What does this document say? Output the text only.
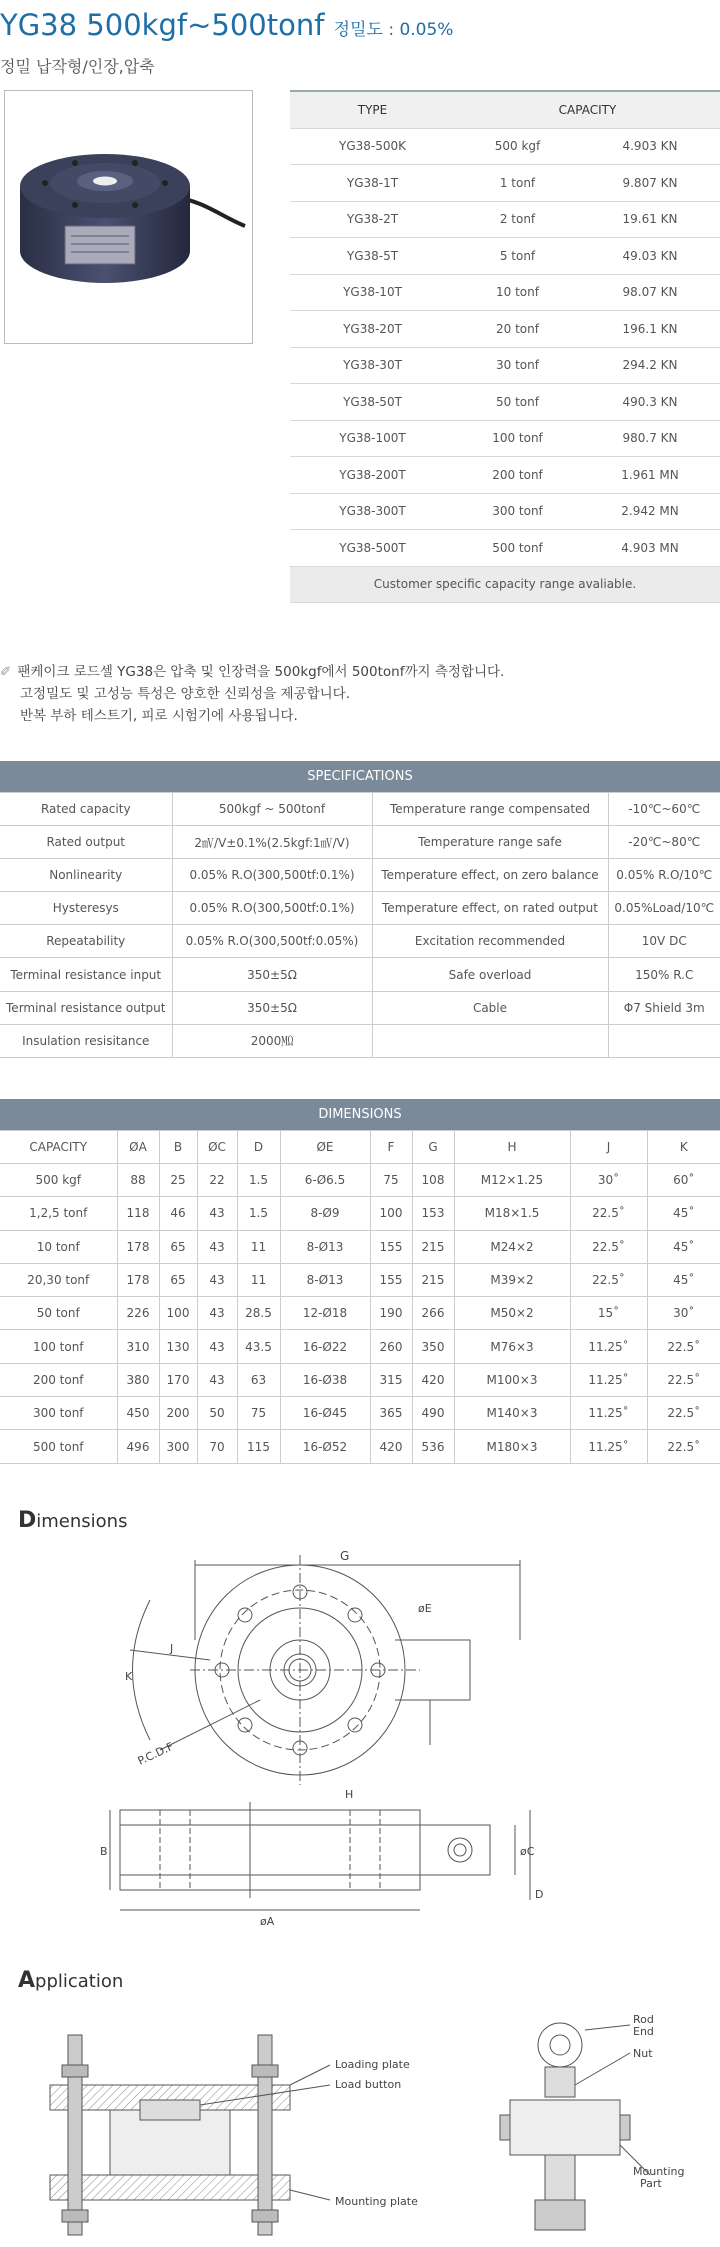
YG38 500kgf~500tonf 정밀도 : 0.05%
정밀 납작형/인장,압축
TYPE	CAPACITY	
YG38-500K	500 kgf	4.903 KN
YG38-1T	1 tonf	9.807 KN
YG38-2T	2 tonf	19.61 KN
YG38-5T	5 tonf	49.03 KN
YG38-10T	10 tonf	98.07 KN
YG38-20T	20 tonf	196.1 KN
YG38-30T	30 tonf	294.2 KN
YG38-50T	50 tonf	490.3 KN
YG38-100T	100 tonf	980.7 KN
YG38-200T	200 tonf	1.961 MN
YG38-300T	300 tonf	2.942 MN
YG38-500T	500 tonf	4.903 MN
Customer specific capacity range avaliable.		
✐ 팬케이크 로드셀 YG38은 압축 및 인장력을 500kgf에서 500tonf까지 측정합니다.
고정밀도 및 고성능 특성은 양호한 신뢰성을 제공합니다.
반복 부하 테스트기, 피로 시험기에 사용됩니다.
SPECIFICATIONS
Rated capacity	500kgf ~ 500tonf	Temperature range compensated	-10℃~60℃
Rated output	2㎷/V±0.1%(2.5kgf:1㎷/V)	Temperature range safe	-20℃~80℃
Nonlinearity	0.05% R.O(300,500tf:0.1%)	Temperature effect, on zero balance	0.05% R.O/10℃
Hysteresys	0.05% R.O(300,500tf:0.1%)	Temperature effect, on rated output	0.05%Load/10℃
Repeatability	0.05% R.O(300,500tf:0.05%)	Excitation recommended	10V DC
Terminal resistance input	350±5Ω	Safe overload	150% R.C
Terminal resistance output	350±5Ω	Cable	Φ7 Shield 3m
Insulation resisitance	2000㏁		
DIMENSIONS
CAPACITY	ØA	B	ØC	D	ØE	F	G	H	J	K
500 kgf	88	25	22	1.5	6-Ø6.5	75	108	M12×1.25	30˚	60˚
1,2,5 tonf	118	46	43	1.5	8-Ø9	100	153	M18×1.5	22.5˚	45˚
10 tonf	178	65	43	11	8-Ø13	155	215	M24×2	22.5˚	45˚
20,30 tonf	178	65	43	11	8-Ø13	155	215	M39×2	22.5˚	45˚
50 tonf	226	100	43	28.5	12-Ø18	190	266	M50×2	15˚	30˚
100 tonf	310	130	43	43.5	16-Ø22	260	350	M76×3	11.25˚	22.5˚
200 tonf	380	170	43	63	16-Ø38	315	420	M100×3	11.25˚	22.5˚
300 tonf	450	200	50	75	16-Ø45	365	490	M140×3	11.25˚	22.5˚
500 tonf	496	300	70	115	16-Ø52	420	536	M180×3	11.25˚	22.5˚
Dimensions
G
øE
J
K
P.C.D.F
H
B
øA
øC
D
Application
Loading plate
Load button
Mounting plate
Rod
End
Nut
Mounting
Part
